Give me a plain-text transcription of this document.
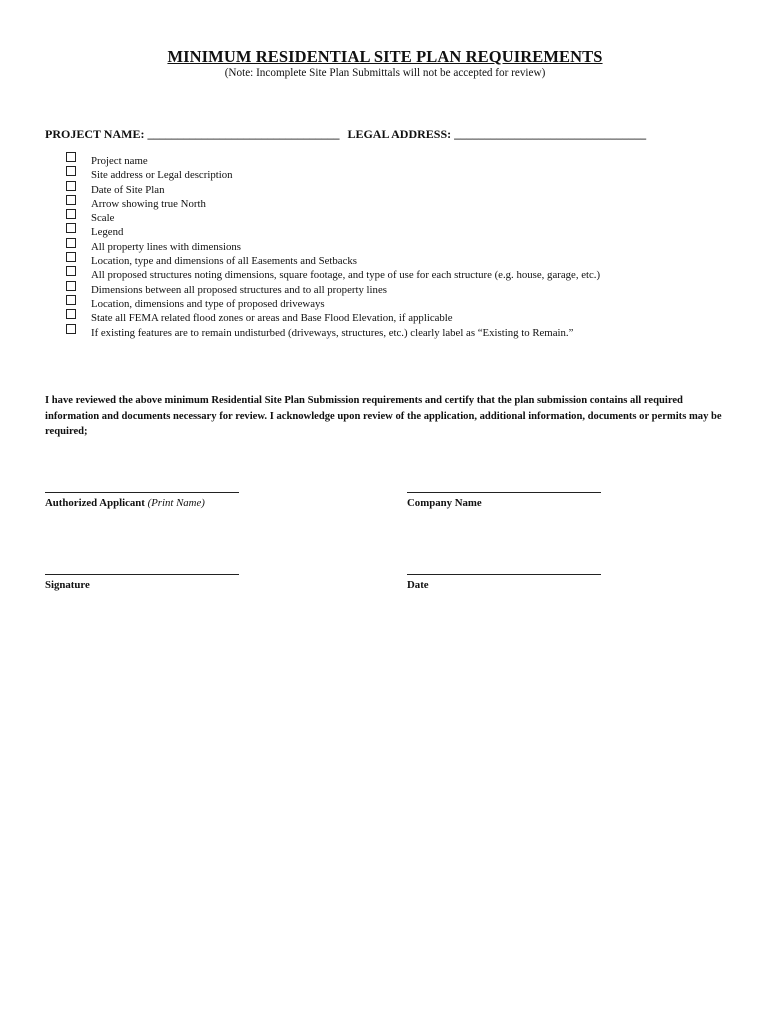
MINIMUM RESIDENTIAL SITE PLAN REQUIREMENTS

(Note: Incomplete Site Plan Submittals will not be accepted for review)

PROJECT NAME: ________________________________ LEGAL ADDRESS: ________________________________
Project name
Site address or Legal description
Date of Site Plan
Arrow showing true North
Scale
Legend
All property lines with dimensions
Location, type and dimensions of all Easements and Setbacks
All proposed structures noting dimensions, square footage, and type of use for each structure (e.g. house, garage, etc.)
Dimensions between all proposed structures and to all property lines
Location, dimensions and type of proposed driveways
State all FEMA related flood zones or areas and Base Flood Elevation, if applicable
If existing features are to remain undisturbed (driveways, structures, etc.) clearly label as “Existing to Remain.”

I have reviewed the above minimum Residential Site Plan Submission requirements and certify that the plan submission contains all required information and documents necessary for review. I acknowledge upon review of the application, additional information, documents or permits may be required;

Authorized Applicant (Print Name)	Company Name
Signature	Date
